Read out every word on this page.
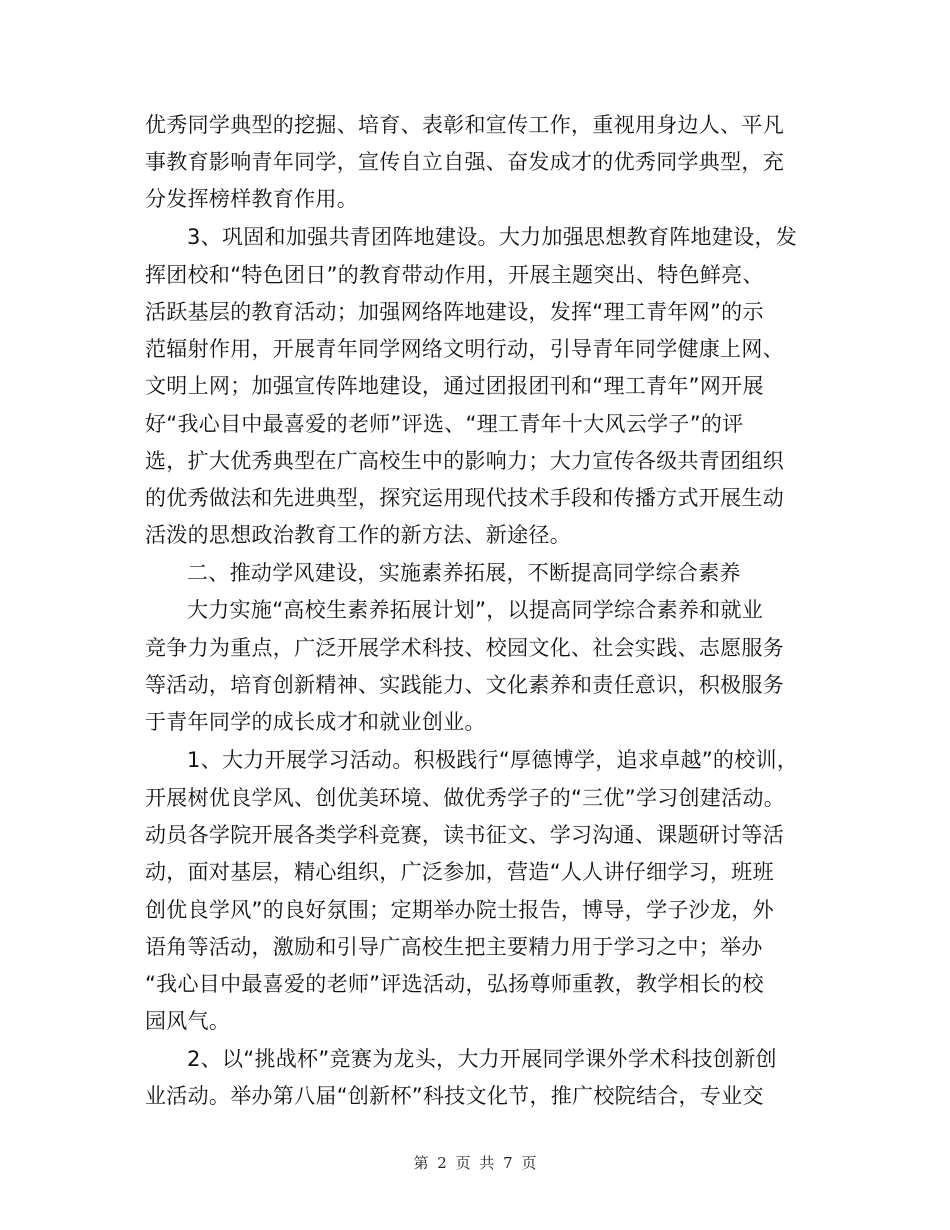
优秀同学典型的挖掘、培育、表彰和宣传工作，重视用身边人、平凡
事教育影响青年同学，宣传自立自强、奋发成才的优秀同学典型，充
分发挥榜样教育作用。
3、巩固和加强共青团阵地建设。大力加强思想教育阵地建设，发
挥团校和“特色团日”的教育带动作用，开展主题突出、特色鲜亮、
活跃基层的教育活动；加强网络阵地建设，发挥“理工青年网”的示
范辐射作用，开展青年同学网络文明行动，引导青年同学健康上网、
文明上网；加强宣传阵地建设，通过团报团刊和“理工青年”网开展
好“我心目中最喜爱的老师”评选、“理工青年十大风云学子”的评
选，扩大优秀典型在广高校生中的影响力；大力宣传各级共青团组织
的优秀做法和先进典型，探究运用现代技术手段和传播方式开展生动
活泼的思想政治教育工作的新方法、新途径。
二、推动学风建设，实施素养拓展，不断提高同学综合素养
大力实施“高校生素养拓展计划”，以提高同学综合素养和就业
竞争力为重点，广泛开展学术科技、校园文化、社会实践、志愿服务
等活动，培育创新精神、实践能力、文化素养和责任意识，积极服务
于青年同学的成长成才和就业创业。
1、大力开展学习活动。积极践行“厚德博学，追求卓越”的校训，
开展树优良学风、创优美环境、做优秀学子的“三优”学习创建活动。
动员各学院开展各类学科竞赛，读书征文、学习沟通、课题研讨等活
动，面对基层，精心组织，广泛参加，营造“人人讲仔细学习，班班
创优良学风”的良好氛围；定期举办院士报告，博导，学子沙龙，外
语角等活动，激励和引导广高校生把主要精力用于学习之中；举办
“我心目中最喜爱的老师”评选活动，弘扬尊师重教，教学相长的校
园风气。
2、以“挑战杯”竞赛为龙头，大力开展同学课外学术科技创新创
业活动。举办第八届“创新杯”科技文化节，推广校院结合，专业交
第 2 页 共 7 页
